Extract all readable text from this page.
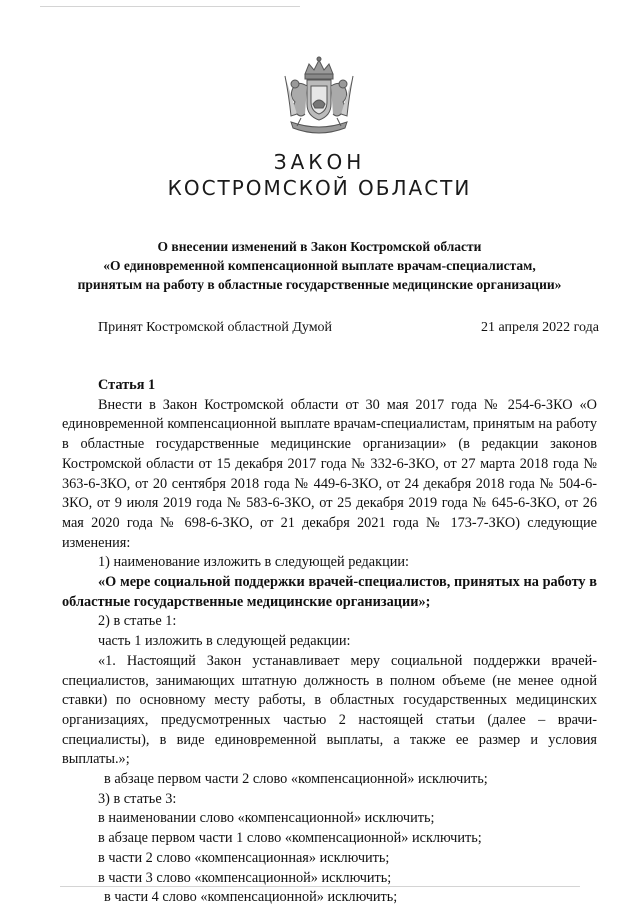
ЗАКОН
КОСТРОМСКОЙ ОБЛАСТИ
О внесении изменений в Закон Костромской области
«О единовременной компенсационной выплате врачам-специалистам,
принятым на работу в областные государственные медицинские организации»
Принят Костромской областной Думой	21 апреля 2022 года

Статья 1

Внести в Закон Костромской области от 30 мая 2017 года № 254-6-ЗКО «О единовременной компенсационной выплате врачам-специалистам, принятым на работу в областные государственные медицинские организации» (в редакции законов Костромской области от 15 декабря 2017 года № 332-6-ЗКО, от 27 марта 2018 года № 363-6-ЗКО, от 20 сентября 2018 года № 449-6-ЗКО, от 24 декабря 2018 года № 504-6-ЗКО, от 9 июля 2019 года № 583-6-ЗКО, от 25 декабря 2019 года № 645-6-ЗКО, от 26 мая 2020 года № 698-6-ЗКО, от 21 декабря 2021 года № 173-7-ЗКО) следующие изменения:

1) наименование изложить в следующей редакции:

«О мере социальной поддержки врачей-специалистов, принятых на работу в областные государственные медицинские организации»;

2) в статье 1:

часть 1 изложить в следующей редакции:

«1. Настоящий Закон устанавливает меру социальной поддержки врачей-специалистов, занимающих штатную должность в полном объеме (не менее одной ставки) по основному месту работы, в областных государственных медицинских организациях, предусмотренных частью 2 настоящей статьи (далее – врачи-специалисты), в виде единовременной выплаты, а также ее размер и условия выплаты.»;

в абзаце первом части 2 слово «компенсационной» исключить;

3) в статье 3:

в наименовании слово «компенсационной» исключить;

в абзаце первом части 1 слово «компенсационной» исключить;

в части 2 слово «компенсационная» исключить;

в части 3 слово «компенсационной» исключить;

в части 4 слово «компенсационной» исключить;
